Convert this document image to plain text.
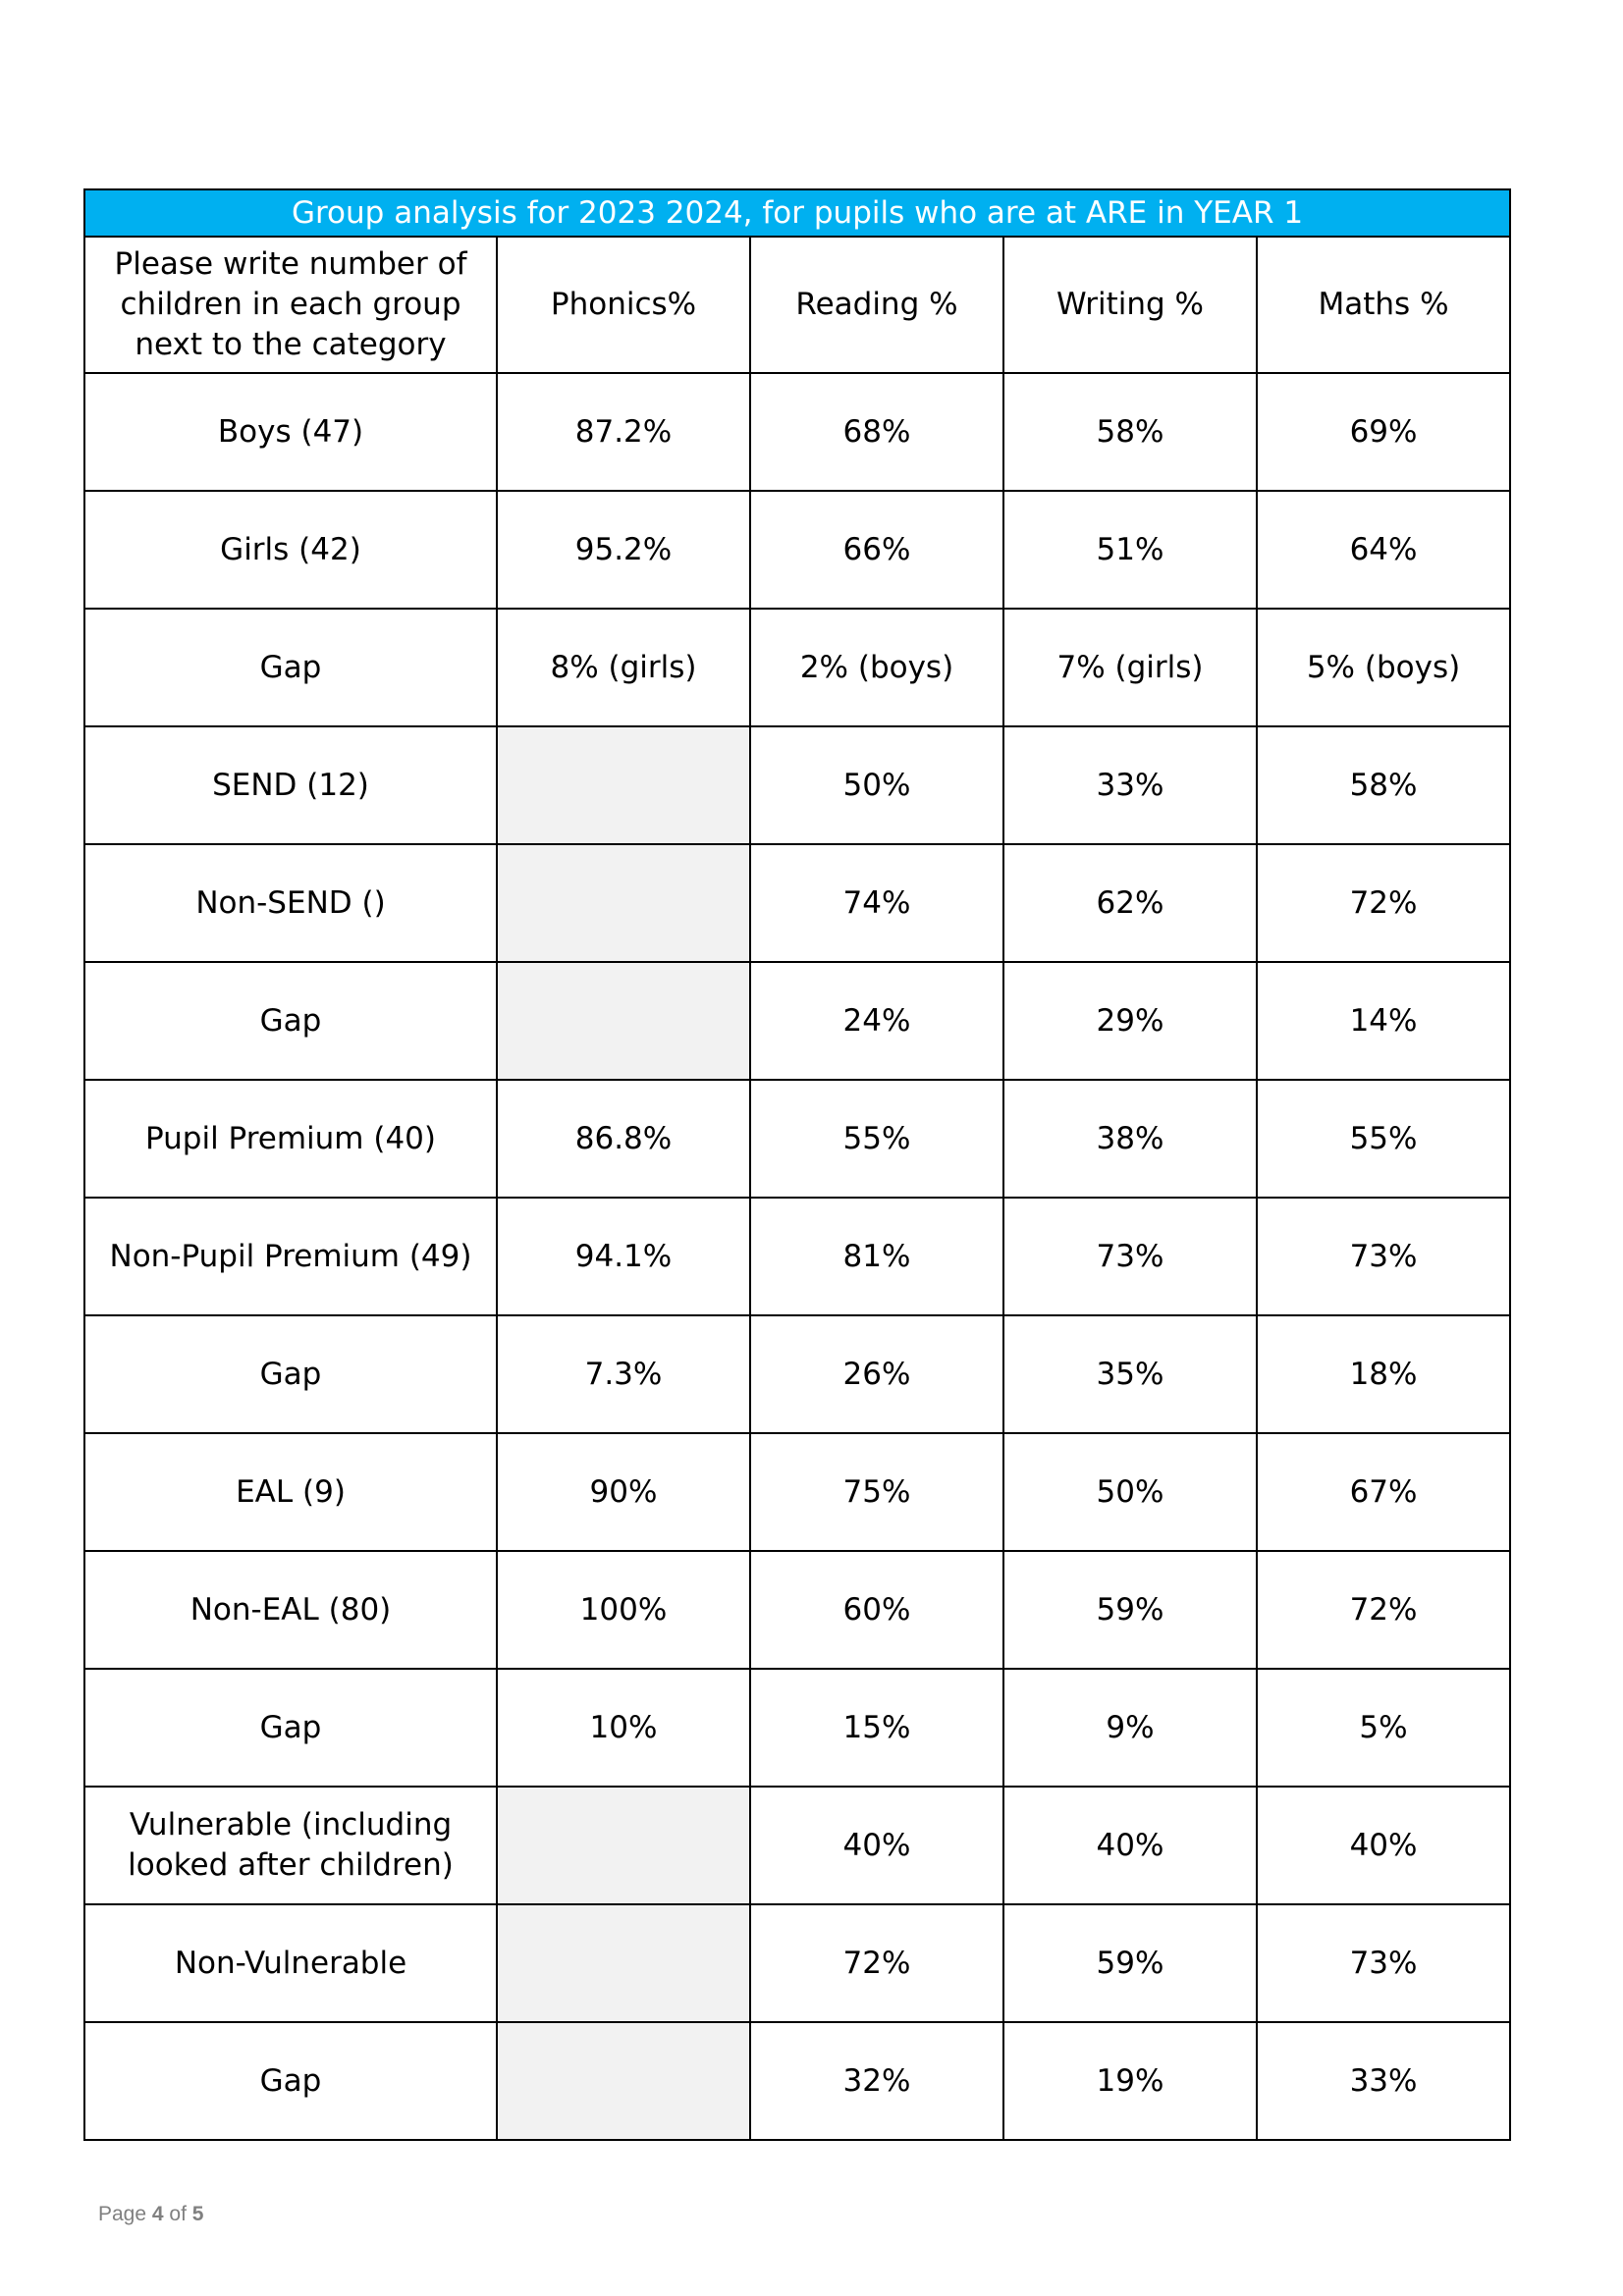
Group analysis for 2023 2024, for pupils who are at ARE in YEAR 1				
Please write number of children in each group next to the category	Phonics%	Reading %	Writing %	Maths %
Boys (47)	87.2%	68%	58%	69%
Girls (42)	95.2%	66%	51%	64%
Gap	8% (girls)	2% (boys)	7% (girls)	5% (boys)
SEND (12)		50%	33%	58%
Non-SEND ()		74%	62%	72%
Gap		24%	29%	14%
Pupil Premium (40)	86.8%	55%	38%	55%
Non-Pupil Premium (49)	94.1%	81%	73%	73%
Gap	7.3%	26%	35%	18%
EAL (9)	90%	75%	50%	67%
Non-EAL (80)	100%	60%	59%	72%
Gap	10%	15%	9%	5%
Vulnerable (including looked after children)		40%	40%	40%
Non-Vulnerable		72%	59%	73%
Gap		32%	19%	33%
Page 4 of 5
